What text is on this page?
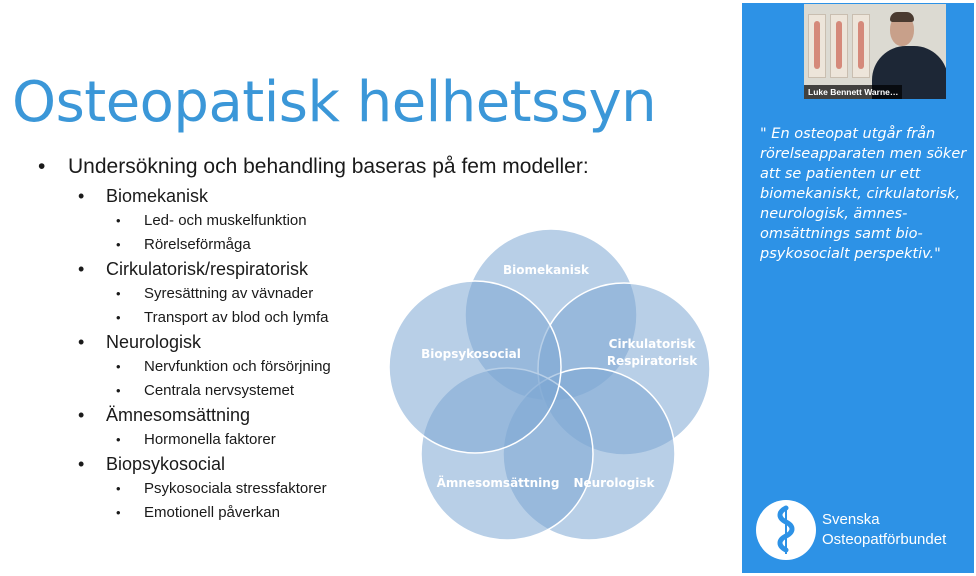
Osteopatisk helhetssyn
• Undersökning och behandling baseras på fem modeller:
• Biomekanisk
• Led- och muskelfunktion
• Rörelseförmåga
• Cirkulatorisk/respiratorisk
• Syresättning av vävnader
• Transport av blod och lymfa
• Neurologisk
• Nervfunktion och försörjning
• Centrala nervsystemet
• Ämnesomsättning
• Hormonella faktorer
• Biopsykosocial
• Psykosociala stressfaktorer
• Emotionell påverkan
Biomekanisk
Cirkulatorisk
Respiratorisk
Neurologisk
Ämnesomsättning
Biopsykosocial
Luke Bennett Warne…

" En osteopat utgår från rörelseapparaten men söker att se patienten ur ett biomekaniskt, cirkulatorisk, neurologisk, ämnes-omsättnings samt bio-psykosocialt perspektiv."

Svenska
Osteopatförbundet
